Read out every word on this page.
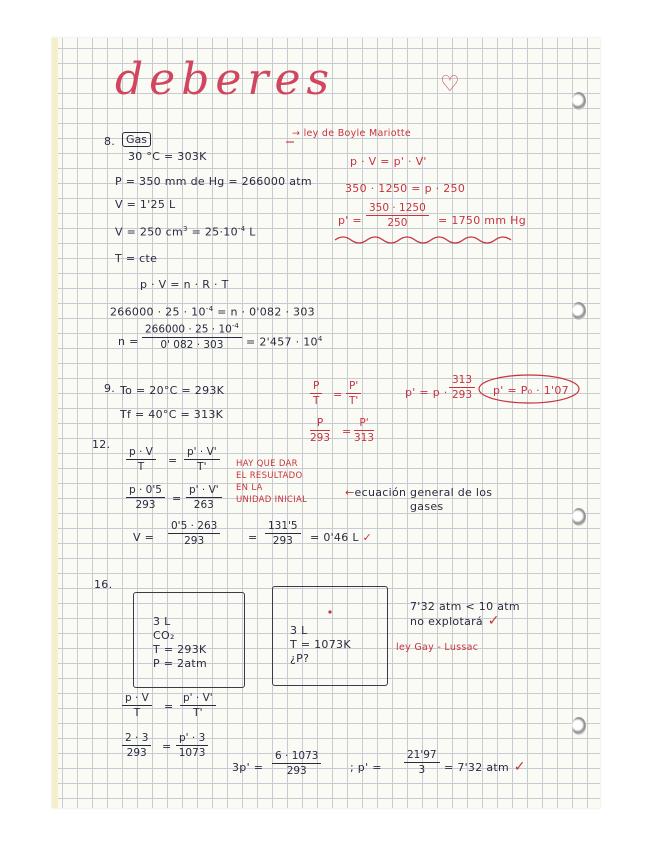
deberes	♡
8. Gas
30 °C = 303K
P = 350 mm de Hg = 266000 atm
V = 1'25 L
V = 250 $cm^3 = 25\cdot 10^{-4}$ L
T = cte
p · V = n · R · T
$266000 \cdot 25 \cdot 10^{-4} = n \cdot 0'082 \cdot 303$
$n = \frac{266000 \cdot 25 \cdot 10^{-4}}{0' 082 \cdot 303} = 2'457 \cdot 10^4$
→ ley de Boyle Mariotte
p · V = p' · V'
350 · 1250 = p · 250
$p' = \frac{350 \cdot 1250}{250} = 1750$ mm Hg
9. To = 20°C = 293K
Tf = 40°C = 313K
$\frac{P}{T} = \frac{P'}{T'}$
$\frac{P}{293} = \frac{P'}{313}$
$p' = p \cdot \frac{313}{293} p' = P_0 \cdot 1'07$
12.
$\frac{p \cdot V}{T} = \frac{p' \cdot V'}{T'}$
$\frac{p \cdot 0'5}{293} = \frac{p' \cdot V'}{263}$
$V = \frac{0'5 \cdot 263}{293}$	= $\frac{131'5}{293} = 0'46$ L ✓
HAY QUE DAR
EL RESULTADO
EN LA
UNIDAD INICIAL
←ecuación general de los
gases
16.
3 L
CO₂
T = 293K
P = 2atm
3 L
T = 1073K
¿P?
7'32 atm < 10 atm
no explotará ✓
ley Gay - Lussac
$\frac{p \cdot V}{T} = \frac{p' \cdot V'}{T'}$
$\frac{2 \cdot 3}{293} = \frac{p' \cdot 3}{1073}$
$3p' = \frac{6 \cdot 1073}{293}$	; $p' = \frac{21'97}{3} = 7'32$ atm ✓
